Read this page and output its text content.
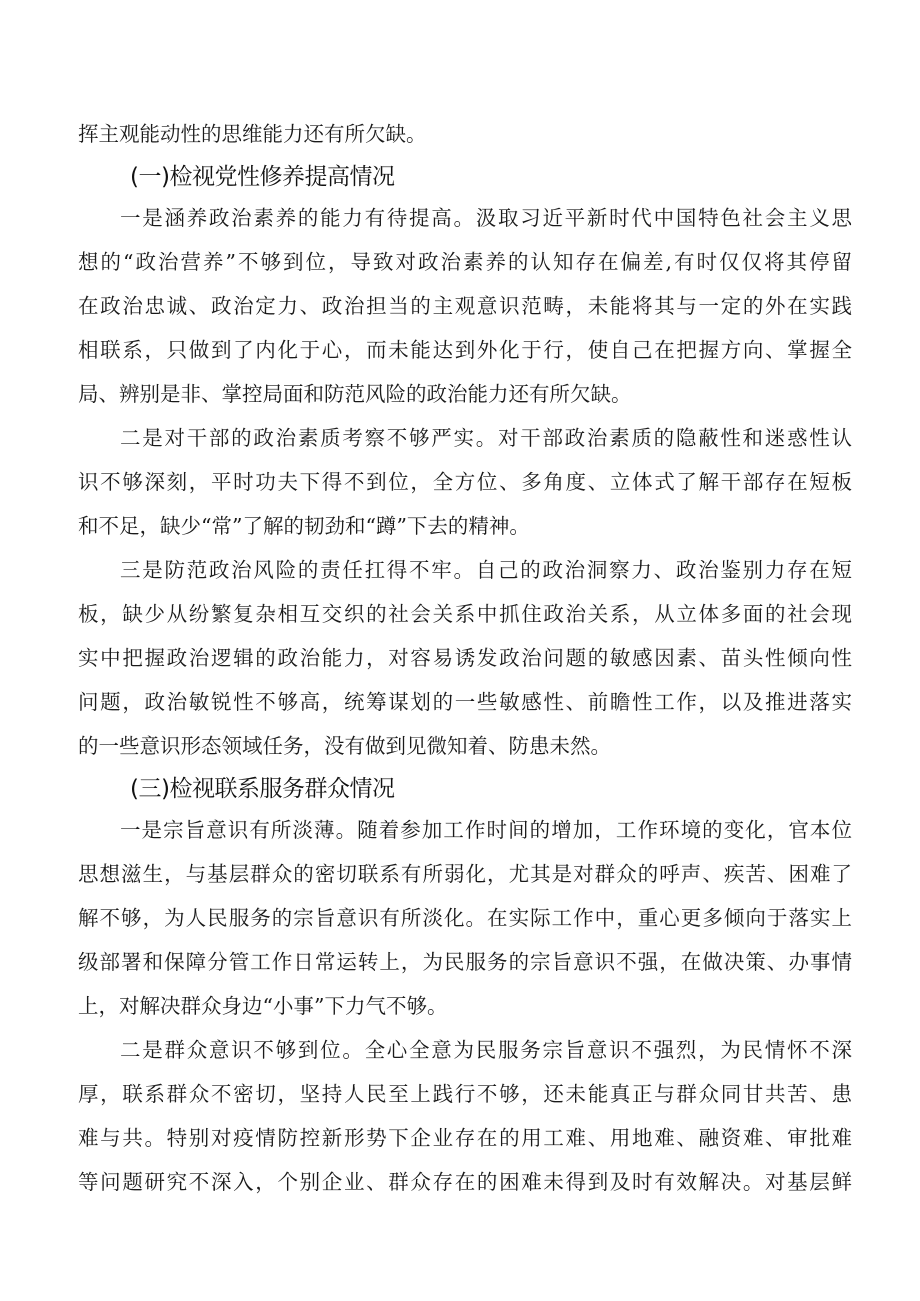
挥主观能动性的思维能力还有所欠缺。
(一)检视党性修养提高情况
一是涵养政治素养的能力有待提高。汲取习近平新时代中国特色社会主义思
想的“政治营养”不够到位，导致对政治素养的认知存在偏差,有时仅仅将其停留
在政治忠诚、政治定力、政治担当的主观意识范畴，未能将其与一定的外在实践
相联系，只做到了内化于心，而未能达到外化于行，使自己在把握方向、掌握全
局、辨别是非、掌控局面和防范风险的政治能力还有所欠缺。
二是对干部的政治素质考察不够严实。对干部政治素质的隐蔽性和迷惑性认
识不够深刻，平时功夫下得不到位，全方位、多角度、立体式了解干部存在短板
和不足，缺少“常”了解的韧劲和“蹲”下去的精神。
三是防范政治风险的责任扛得不牢。自己的政治洞察力、政治鉴别力存在短
板，缺少从纷繁复杂相互交织的社会关系中抓住政治关系，从立体多面的社会现
实中把握政治逻辑的政治能力，对容易诱发政治问题的敏感因素、苗头性倾向性
问题，政治敏锐性不够高，统筹谋划的一些敏感性、前瞻性工作，以及推进落实
的一些意识形态领域任务，没有做到见微知着、防患未然。
(三)检视联系服务群众情况
一是宗旨意识有所淡薄。随着参加工作时间的增加，工作环境的变化，官本位
思想滋生，与基层群众的密切联系有所弱化，尤其是对群众的呼声、疾苦、困难了
解不够，为人民服务的宗旨意识有所淡化。在实际工作中，重心更多倾向于落实上
级部署和保障分管工作日常运转上，为民服务的宗旨意识不强，在做决策、办事情
上，对解决群众身边“小事”下力气不够。
二是群众意识不够到位。全心全意为民服务宗旨意识不强烈，为民情怀不深
厚，联系群众不密切，坚持人民至上践行不够，还未能真正与群众同甘共苦、患
难与共。特别对疫情防控新形势下企业存在的用工难、用地难、融资难、审批难
等问题研究不深入，个别企业、群众存在的困难未得到及时有效解决。对基层鲜
